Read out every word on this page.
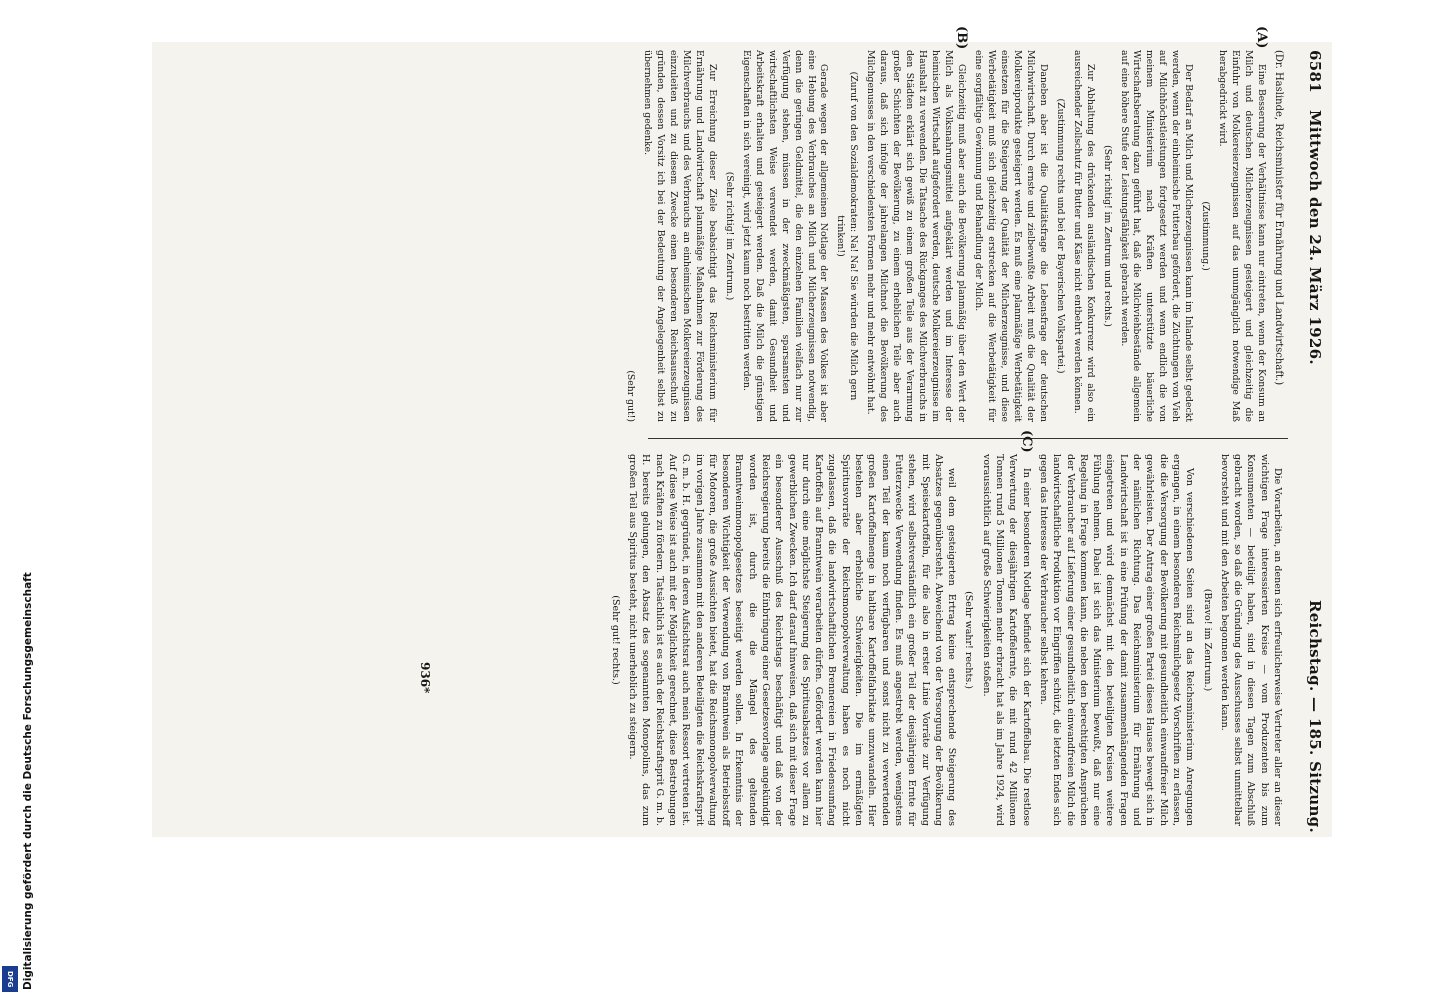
6581
Mittwoch den 24. März 1926.
Reichstag. — 185. Sitzung.

(Dr. Haslinde, Reichsminister für Ernährung und Landwirtschaft.)

(A)

Eine Besserung der Verhältnisse kann nur eintreten, wenn der Konsum an Milch und deutschen Milcherzeugnissen gesteigert und gleichzeitig die Einfuhr von Molkereierzeugnissen auf das unumgänglich notwendige Maß herabgedrückt wird.

(Zustimmung.)

Der Bedarf an Milch und Milcherzeugnissen kann im Inlande selbst gedeckt werden, wenn der einheimische Futterbau gefördert, die Züchtungen von Vieh auf Milchhöchstleistungen fortgesetzt werden und wenn endlich die von meinem Ministerium nach Kräften unterstützte bäuerliche Wirtschaftsberatung dazu geführt hat, daß die Milchviehbestände allgemein auf eine höhere Stufe der Leistungsfähigkeit gebracht werden.

(Sehr richtig! im Zentrum und rechts.)

Zur Abhaltung des drückenden ausländischen Konkurrenz wird also ein ausreichender Zollschutz für Butter und Käse nicht entbehrt werden können.

(Zustimmung rechts und bei der Bayerischen Volkspartei.)

Daneben aber ist die Qualitätsfrage die Lebensfrage der deutschen Milchwirtschaft. Durch ernste und zielbewußte Arbeit muß die Qualität der Molkereiprodukte gesteigert werden. Es muß eine planmäßige Werbetätigkeit einsetzen für die Steigerung der Qualität der Milcherzeugnisse, und diese Werbetätigkeit muß sich gleichzeitig erstrecken auf die Werbetätigkeit für eine sorgfältige Gewinnung und Behandlung der Milch.

(B)

Gleichzeitig muß aber auch die Bevölkerung planmäßig über den Wert der Milch als Volksnahrungsmittel aufgeklärt werden und im Interesse der heimischen Wirtschaft aufgefordert werden, deutsche Molkereierzeugnisse im Haushalt zu verwenden. Die Tatsache des Rückganges des Milchverbrauchs in den Städten erklärt sich gewiß zu einem großen Teile aus der Verarmung großer Schichten der Bevölkerung, zu einem erheblichen Teile aber auch daraus, daß sich infolge der jahrelangen Milchnot die Bevölkerung des Milchgenusses in den verschiedensten Formen mehr und mehr entwöhnt hat.

(Zuruf von den Sozialdemokraten: Na! Na! Sie würden die Milch gern trinken!)

Gerade wegen der allgemeinen Notlage der Massen des Volkes ist aber eine Hebung des Verbrauches an Milch und Milcherzeugnissen notwendig, denn die geringen Geldmittel, die den einzelnen Familien vielfach nur zur Verfügung stehen, müssen in der zweckmäßigsten, sparsamsten und wirtschaftlichsten Weise verwendet werden, damit Gesundheit und Arbeitskraft erhalten und gesteigert werden. Daß die Milch die günstigen Eigenschaften in sich vereinigt, wird jetzt kaum noch bestritten werden.

(Sehr richtig! im Zentrum.)

Zur Erreichung dieser Ziele beabsichtigt das Reichsministerium für Ernährung und Landwirtschaft planmäßige Maßnahmen zur Förderung des Milchverbrauchs und des Verbrauchs an einheimischen Molkereierzeugnissen einzuleiten und zu diesem Zwecke einen besonderen Reichsausschuß zu gründen, dessen Vorsitz ich bei der Bedeutung der Angelegenheit selbst zu übernehmen gedenke.

(Sehr gut!)

Die Vorarbeiten, an denen sich erfreulicherweise Vertreter aller an dieser wichtigen Frage interessierten Kreise — vom Produzenten bis zum Konsumenten — beteiligt haben, sind in diesen Tagen zum Abschluß gebracht worden, so daß die Gründung des Ausschusses selbst unmittelbar bevorsteht und mit den Arbeiten begonnen werden kann.

(Bravo! im Zentrum.)

Von verschiedenen Seiten sind an das Reichsministerium Anregungen ergangen, in einem besonderen Reichsmilchgesetz Vorschriften zu erlassen, die die Versorgung der Bevölkerung mit gesundheitlich einwandfreier Milch gewährleisten. Der Antrag einer großen Partei dieses Hauses bewegt sich in der nämlichen Richtung. Das Reichsministerium für Ernährung und Landwirtschaft ist in eine Prüfung der damit zusammenhängenden Fragen eingetreten und wird demnächst mit den beteiligten Kreisen weitere Fühlung nehmen. Dabei ist sich das Ministerium bewußt, daß nur eine Regelung in Frage kommen kann, die neben den berechtigten Ansprüchen der Verbraucher auf Lieferung einer gesundheitlich einwandfreien Milch die landwirtschaftliche Produktion vor Eingriffen schützt, die letzten Endes sich gegen das Interesse der Verbraucher selbst kehren.

(C)

In einer besonderen Notlage befindet sich der Kartoffelbau. Die restlose Verwertung der diesjährigen Kartoffelernte, die mit rund 42 Millionen Tonnen rund 5 Millionen Tonnen mehr erbracht hat als im Jahre 1924, wird voraussichtlich auf große Schwierigkeiten stoßen.

(Sehr wahr! rechts.)

weil dem gesteigerten Ertrag keine entsprechende Steigerung des Absatzes gegenübersteht. Abweichend von der Versorgung der Bevölkerung mit Speisekartoffeln, für die also in erster Linie Vorräte zur Verfügung stehen, wird selbstverständlich ein großer Teil der diesjährigen Ernte für Futterzwecke Verwendung finden. Es muß angestrebt werden, wenigstens einen Teil der kaum noch verfügbaren und sonst nicht zu verwertenden großen Kartoffelmenge in haltbare Kartoffelfabrikate umzuwandeln. Hier bestehen aber erhebliche Schwierigkeiten. Die im ermäßigten Spiritusvorräte der Reichsmonopolverwaltung haben es noch nicht zugelassen, daß die landwirtschaftlichen Brennereien in Friedensumfang Kartoffeln auf Branntwein verarbeiten dürfen. Gefördert werden kann hier nur durch eine möglichste Steigerung des Spiritusabsatzes vor allem zu gewerblichen Zwecken. Ich darf darauf hinweisen, daß sich mit dieser Frage ein besonderer Ausschuß des Reichstags beschäftigt und daß von der Reichsregierung bereits die Einbringung einer Gesetzesvorlage angekündigt worden ist, durch die die Mängel des geltenden Branntweinmonopolgesetzes beseitigt werden sollen. In Erkenntnis der besonderen Wichtigkeit der Verwendung von Branntwein als Betriebsstoff für Motoren, die große Aussichten bietet, hat die Reichsmonopolverwaltung im vorigen Jahre zusammen mit den anderen Beteiligten die Reichskraftsprit G. m. b. H. gegründet, in deren Aufsichtsrat auch mein Ressort vertreten ist. Auf diese Weise ist auch mit der Möglichkeit gerechnet, diese Bestrebungen nach Kräften zu fördern. Tatsächlich ist es auch der Reichskraftsprit G. m. b. H. bereits gelungen, den Absatz des sogenannten Monopolins, das zum großen Teil aus Spiritus besteht, nicht unerheblich zu steigern.

(Sehr gut! rechts.)

936*
DFG Digitalisierung gefördert durch die Deutsche Forschungsgemeinschaft
